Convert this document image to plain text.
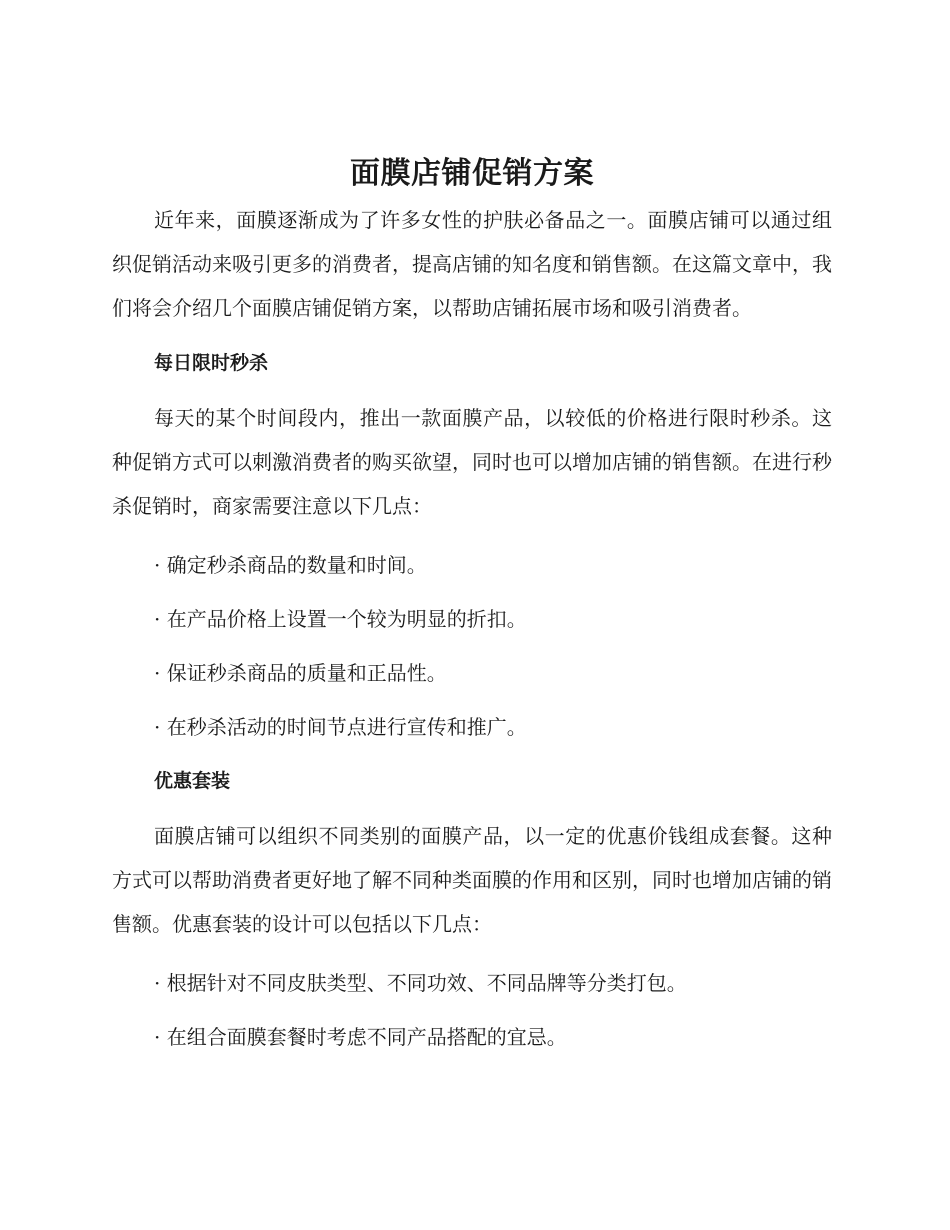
面膜店铺促销方案

近年来，面膜逐渐成为了许多女性的护肤必备品之一。面膜店铺可以通过组织促销活动来吸引更多的消费者，提高店铺的知名度和销售额。在这篇文章中，我们将会介绍几个面膜店铺促销方案，以帮助店铺拓展市场和吸引消费者。

每日限时秒杀

每天的某个时间段内，推出一款面膜产品，以较低的价格进行限时秒杀。这种促销方式可以刺激消费者的购买欲望，同时也可以增加店铺的销售额。在进行秒杀促销时，商家需要注意以下几点：

· 确定秒杀商品的数量和时间。

· 在产品价格上设置一个较为明显的折扣。

· 保证秒杀商品的质量和正品性。

· 在秒杀活动的时间节点进行宣传和推广。

优惠套装

面膜店铺可以组织不同类别的面膜产品，以一定的优惠价钱组成套餐。这种方式可以帮助消费者更好地了解不同种类面膜的作用和区别，同时也增加店铺的销售额。优惠套装的设计可以包括以下几点：

· 根据针对不同皮肤类型、不同功效、不同品牌等分类打包。

· 在组合面膜套餐时考虑不同产品搭配的宜忌。
